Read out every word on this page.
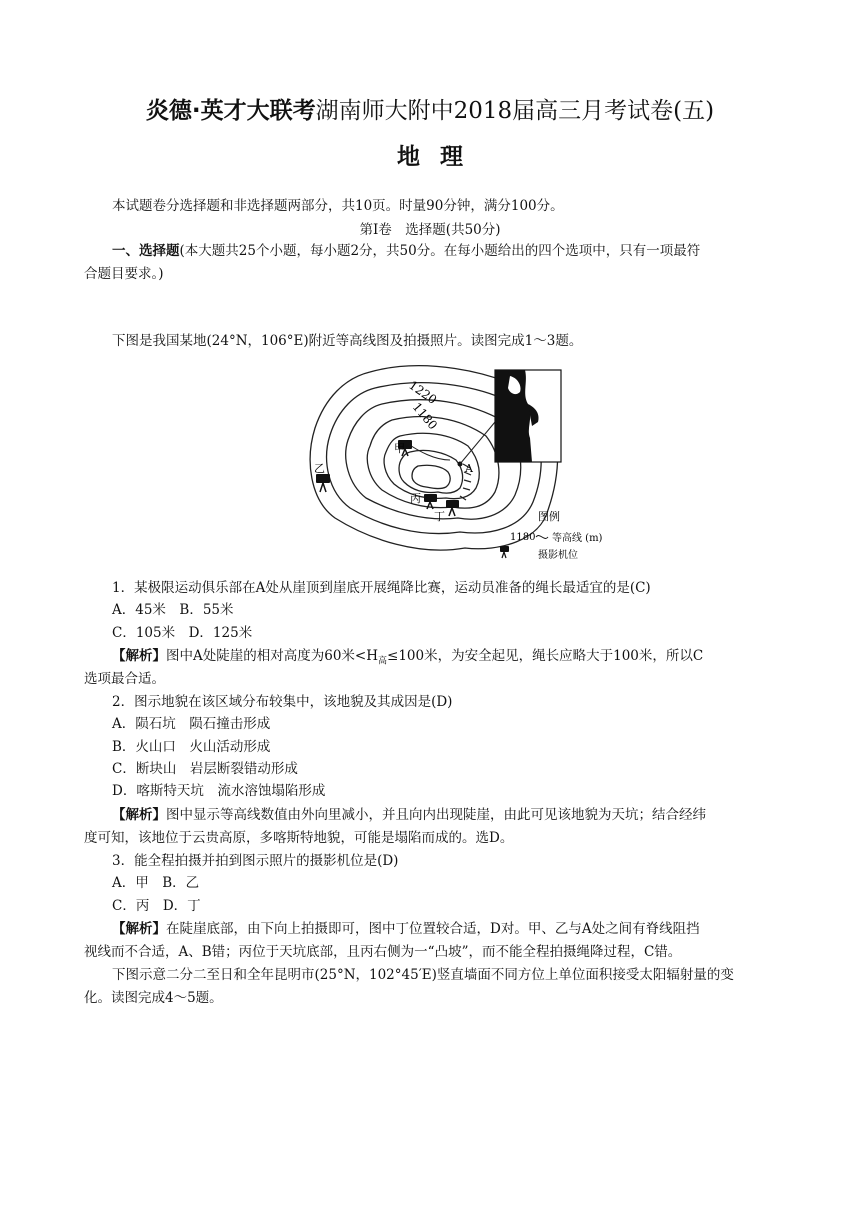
炎德·英才大联考湖南师大附中2018届高三月考试卷(五)
地理
本试题卷分选择题和非选择题两部分，共10页。时量90分钟，满分100分。
第Ⅰ卷　选择题(共50分)
一、选择题(本大题共25个小题，每小题2分，共50分。在每小题给出的四个选项中，只有一项最符
合题目要求。)
下图是我国某地(24°N，106°E)附近等高线图及拍摄照片。读图完成1～3题。
1220
1180
乙
甲
丙
丁
A
图例
1180 等高线 (m)
摄影机位
1．某极限运动俱乐部在A处从崖顶到崖底开展绳降比赛，运动员准备的绳长最适宜的是(C)
A．45米　B．55米
C．105米　D．125米
【解析】图中A处陡崖的相对高度为60米$<H_高\le 100$米，为安全起见，绳长应略大于100米，所以C
选项最合适。
2．图示地貌在该区域分布较集中，该地貌及其成因是(D)
A．陨石坑　陨石撞击形成
B．火山口　火山活动形成
C．断块山　岩层断裂错动形成
D．喀斯特天坑　流水溶蚀塌陷形成
【解析】图中显示等高线数值由外向里减小，并且向内出现陡崖，由此可见该地貌为天坑；结合经纬
度可知，该地位于云贵高原，多喀斯特地貌，可能是塌陷而成的。选D。
3．能全程拍摄并拍到图示照片的摄影机位是(D)
A．甲　B．乙
C．丙　D．丁
【解析】在陡崖底部，由下向上拍摄即可，图中丁位置较合适，D对。甲、乙与A处之间有脊线阻挡
视线而不合适，A、B错；丙位于天坑底部，且丙右侧为一“凸坡”，而不能全程拍摄绳降过程，C错。
下图示意二分二至日和全年昆明市(25°N，102°45′E)竖直墙面不同方位上单位面积接受太阳辐射量的变
化。读图完成4～5题。
